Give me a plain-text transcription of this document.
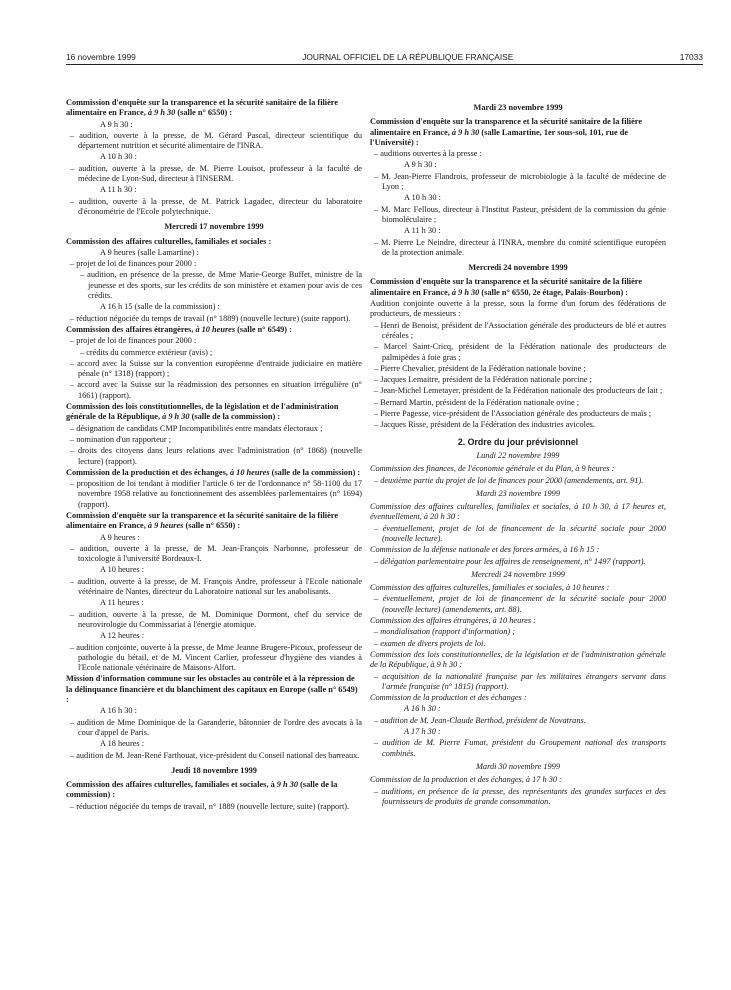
16 novembre 1999	JOURNAL OFFICIEL DE LA RÉPUBLIQUE FRANÇAISE	17033
Commission d'enquête sur la transparence et la sécurité sanitaire de la filière alimentaire en France, à 9 h 30 (salle n° 6550) :
A 9 h 30 :
– audition, ouverte à la presse, de M. Gérard Pascal, directeur scientifique du département nutrition et sécurité alimentaire de l'INRA.
A 10 h 30 :
– audition, ouverte à la presse, de M. Pierre Louisot, professeur à la faculté de médecine de Lyon-Sud, directeur à l'INSERM.
A 11 h 30 :
– audition, ouverte à la presse, de M. Patrick Lagadec, directeur du laboratoire d'économétrie de l'Ecole polytechnique.
Mercredi 17 novembre 1999
Commission des affaires culturelles, familiales et sociales :
A 9 heures (salle Lamartine) :
– projet de loi de finances pour 2000 :
– audition, en présence de la presse, de Mme Marie-George Buffet, ministre de la jeunesse et des sports, sur les crédits de son ministère et examen pour avis de ces crédits.
A 16 h 15 (salle de la commission) :
– réduction négociée du temps de travail (n° 1889) (nouvelle lecture) (suite rapport).
Commission des affaires étrangères, à 10 heures (salle n° 6549) :
– projet de loi de finances pour 2000 :
– crédits du commerce extérieur (avis) ;
– accord avec la Suisse sur la convention européenne d'entraide judiciaire en matière pénale (n° 1318) (rapport) ;
– accord avec la Suisse sur la réadmission des personnes en situation irrégulière (n° 1661) (rapport).
Commission des lois constitutionnelles, de la législation et de l'administration générale de la République, à 9 h 30 (salle de la commission) :
– désignation de candidats CMP Incompatibilités entre mandats électoraux ;
– nomination d'un rapporteur ;
– droits des citoyens dans leurs relations avec l'administration (n° 1868) (nouvelle lecture) (rapport).
Commission de la production et des échanges, à 10 heures (salle de la commission) :
– proposition de loi tendant à modifier l'article 6 ter de l'ordonnance n° 58-1100 du 17 novembre 1958 relative au fonctionnement des assemblées parlementaires (n° 1694) (rapport).
Commission d'enquête sur la transparence et la sécurité sanitaire de la filière alimentaire en France, à 9 heures (salle n° 6550) :
A 9 heures :
– audition, ouverte à la presse, de M. Jean-François Narbonne, professeur de toxicologie à l'université Bordeaux-I.
A 10 heures :
– audition, ouverte à la presse, de M. François Andre, professeur à l'Ecole nationale vétérinaire de Nantes, directeur du Laboratoire national sur les anabolisants.
A 11 heures :
– audition, ouverte à la presse, de M. Dominique Dormont, chef du service de neurovirologie du Commissariat à l'énergie atomique.
A 12 heures :
– audition conjointe, ouverte à la presse, de Mme Jeanne Brugere-Picoux, professeur de pathologie du bétail, et de M. Vincent Carlier, professeur d'hygiène des viandes à l'Ecole nationale vétérinaire de Maisons-Alfort.
Mission d'information commune sur les obstacles au contrôle et à la répression de la délinquance financière et du blanchiment des capitaux en Europe (salle n° 6549) :
A 16 h 30 :
– audition de Mme Dominique de la Garanderie, bâtonnier de l'ordre des avocats à la cour d'appel de Paris.
A 18 heures :
– audition de M. Jean-René Farthouat, vice-président du Conseil national des barreaux.
Jeudi 18 novembre 1999
Commission des affaires culturelles, familiales et sociales, à 9 h 30 (salle de la commission) :
– réduction négociée du temps de travail, n° 1889 (nouvelle lecture, suite) (rapport).
Mardi 23 novembre 1999
Commission d'enquête sur la transparence et la sécurité sanitaire de la filière alimentaire en France, à 9 h 30 (salle Lamartine, 1er sous-sol, 101, rue de l'Université) :
– auditions ouvertes à la presse :
A 9 h 30 :
– M. Jean-Pierre Flandrois, professeur de microbiologie à la faculté de médecine de Lyon ;
A 10 h 30 :
– M. Marc Fellous, directeur à l'Institut Pasteur, président de la commission du génie biomoléculaire ;
A 11 h 30 :
– M. Pierre Le Neindre, directeur à l'INRA, membre du comité scientifique européen de la protection animale.
Mercredi 24 novembre 1999
Commission d'enquête sur la transparence et la sécurité sanitaire de la filière alimentaire en France, à 9 h 30 (salle n° 6550, 2e étage, Palais-Bourbon) :
Audition conjointe ouverte à la presse, sous la forme d'un forum des fédérations de producteurs, de messieurs :
– Henri de Benoist, président de l'Association générale des producteurs de blé et autres céréales ;
– Marcel Saint-Cricq, président de la Fédération nationale des producteurs de palmipèdes à foie gras ;
– Pierre Chevalier, président de la Fédération nationale bovine ;
– Jacques Lemaitre, président de la Fédération nationale porcine ;
– Jean-Michel Lemetayer, président de la Fédération nationale des producteurs de lait ;
– Bernard Martin, président de la Fédération nationale ovine ;
– Pierre Pagesse, vice-président de l'Association générale des producteurs de maïs ;
– Jacques Risse, président de la Fédération des industries avicoles.
2. Ordre du jour prévisionnel
Lundi 22 novembre 1999
Commission des finances, de l'économie générale et du Plan, à 9 heures :
– deuxième partie du projet de loi de finances pour 2000 (amendements, art. 91).
Mardi 23 novembre 1999
Commission des affaires culturelles, familiales et sociales, à 10 h 30, à 17 heures et, éventuellement, à 20 h 30 :
– éventuellement, projet de loi de financement de la sécurité sociale pour 2000 (nouvelle lecture).
Commission de la défense nationale et des forces armées, à 16 h 15 :
– délégation parlementaire pour les affaires de renseignement, n° 1497 (rapport).
Mercredi 24 novembre 1999
Commission des affaires culturelles, familiales et sociales, à 10 heures :
– éventuellement, projet de loi de financement de la sécurité sociale pour 2000 (nouvelle lecture) (amendements, art. 88).
Commission des affaires étrangères, à 10 heures :
– mondialisation (rapport d'information) ;
– examen de divers projets de loi.
Commission des lois constitutionnelles, de la législation et de l'administration générale de la République, à 9 h 30 :
– acquisition de la nationalité française par les militaires étrangers servant dans l'armée française (n° 1815) (rapport).
Commission de la production et des échanges :
A 16 h 30 :
– audition de M. Jean-Claude Berthod, président de Novatrans.
A 17 h 30 :
– audition de M. Pierre Fumat, président du Groupement national des transports combinés.
Mardi 30 novembre 1999
Commission de la production et des échanges, à 17 h 30 :
– auditions, en présence de la presse, des représentants des grandes surfaces et des fournisseurs de produits de grande consommation.
